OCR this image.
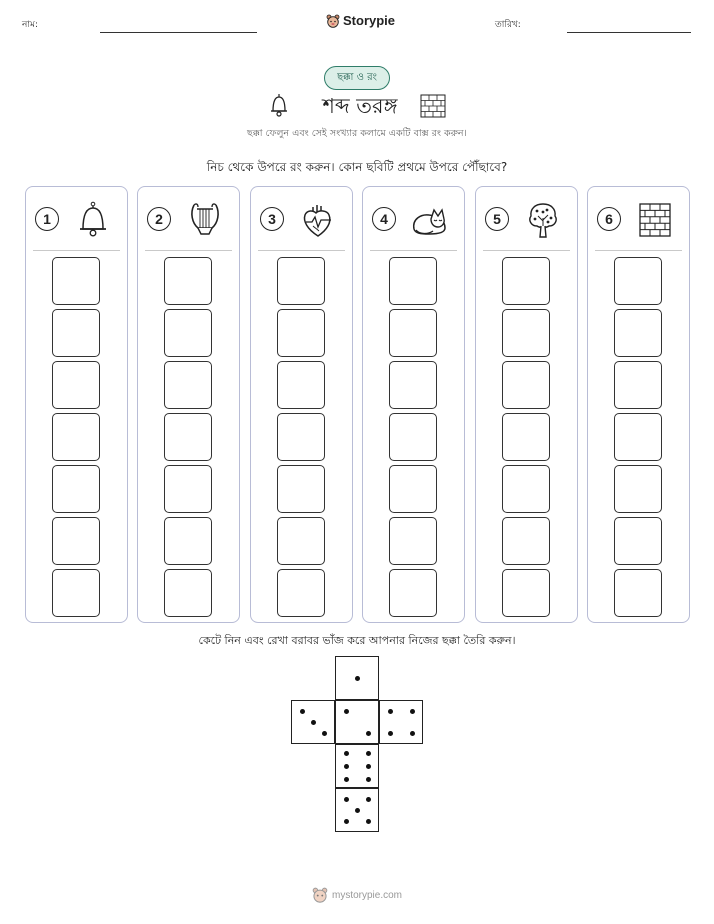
নাম:	Storypie	তারিখ:
ছক্কা ও রং
শব্দ তরঙ্গ
ছক্কা ফেলুন এবং সেই সংখ্যার কলামে একটি বাক্স রং করুন।
নিচ থেকে উপরে রং করুন। কোন ছবিটি প্রথমে উপরে পৌঁছাবে?
1	2	3	4	5	6
কেটে নিন এবং রেখা বরাবর ভাঁজ করে আপনার নিজের ছক্কা তৈরি করুন।
mystorypie.com
